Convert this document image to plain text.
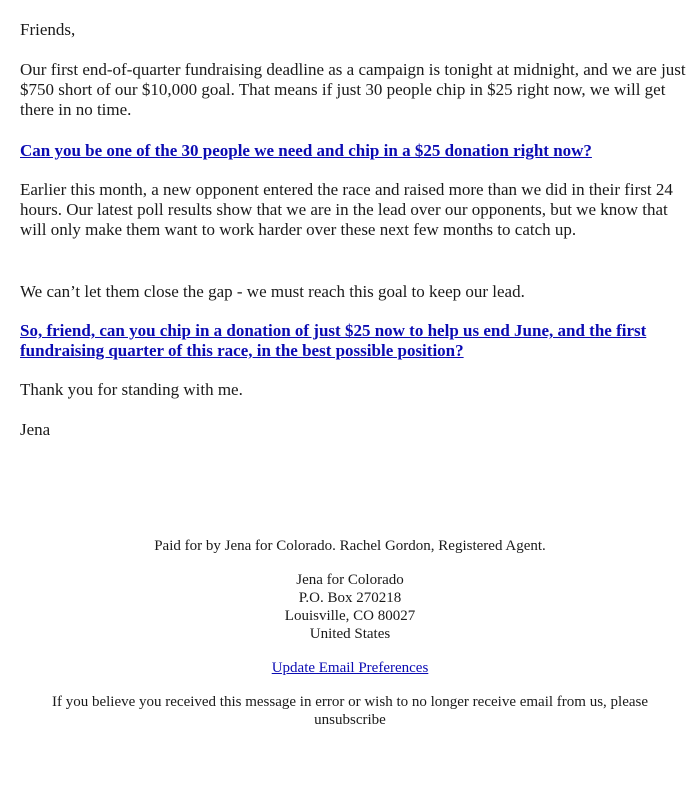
Friends,

Our first end-of-quarter fundraising deadline as a campaign is tonight at midnight, and we are just $750 short of our $10,000 goal. That means if just 30 people chip in $25 right now, we will get there in no time.

Can you be one of the 30 people we need and chip in a $25 donation right now?

Earlier this month, a new opponent entered the race and raised more than we did in their first 24 hours. Our latest poll results show that we are in the lead over our opponents, but we know that will only make them want to work harder over these next few months to catch up.

We can’t let them close the gap - we must reach this goal to keep our lead.

So, friend, can you chip in a donation of just $25 now to help us end June, and the first fundraising quarter of this race, in the best possible position?

Thank you for standing with me.

Jena

Paid for by Jena for Colorado. Rachel Gordon, Registered Agent.

Jena for Colorado
P.O. Box 270218
Louisville, CO 80027
United States

Update Email Preferences

If you believe you received this message in error or wish to no longer receive email from us, please unsubscribe
